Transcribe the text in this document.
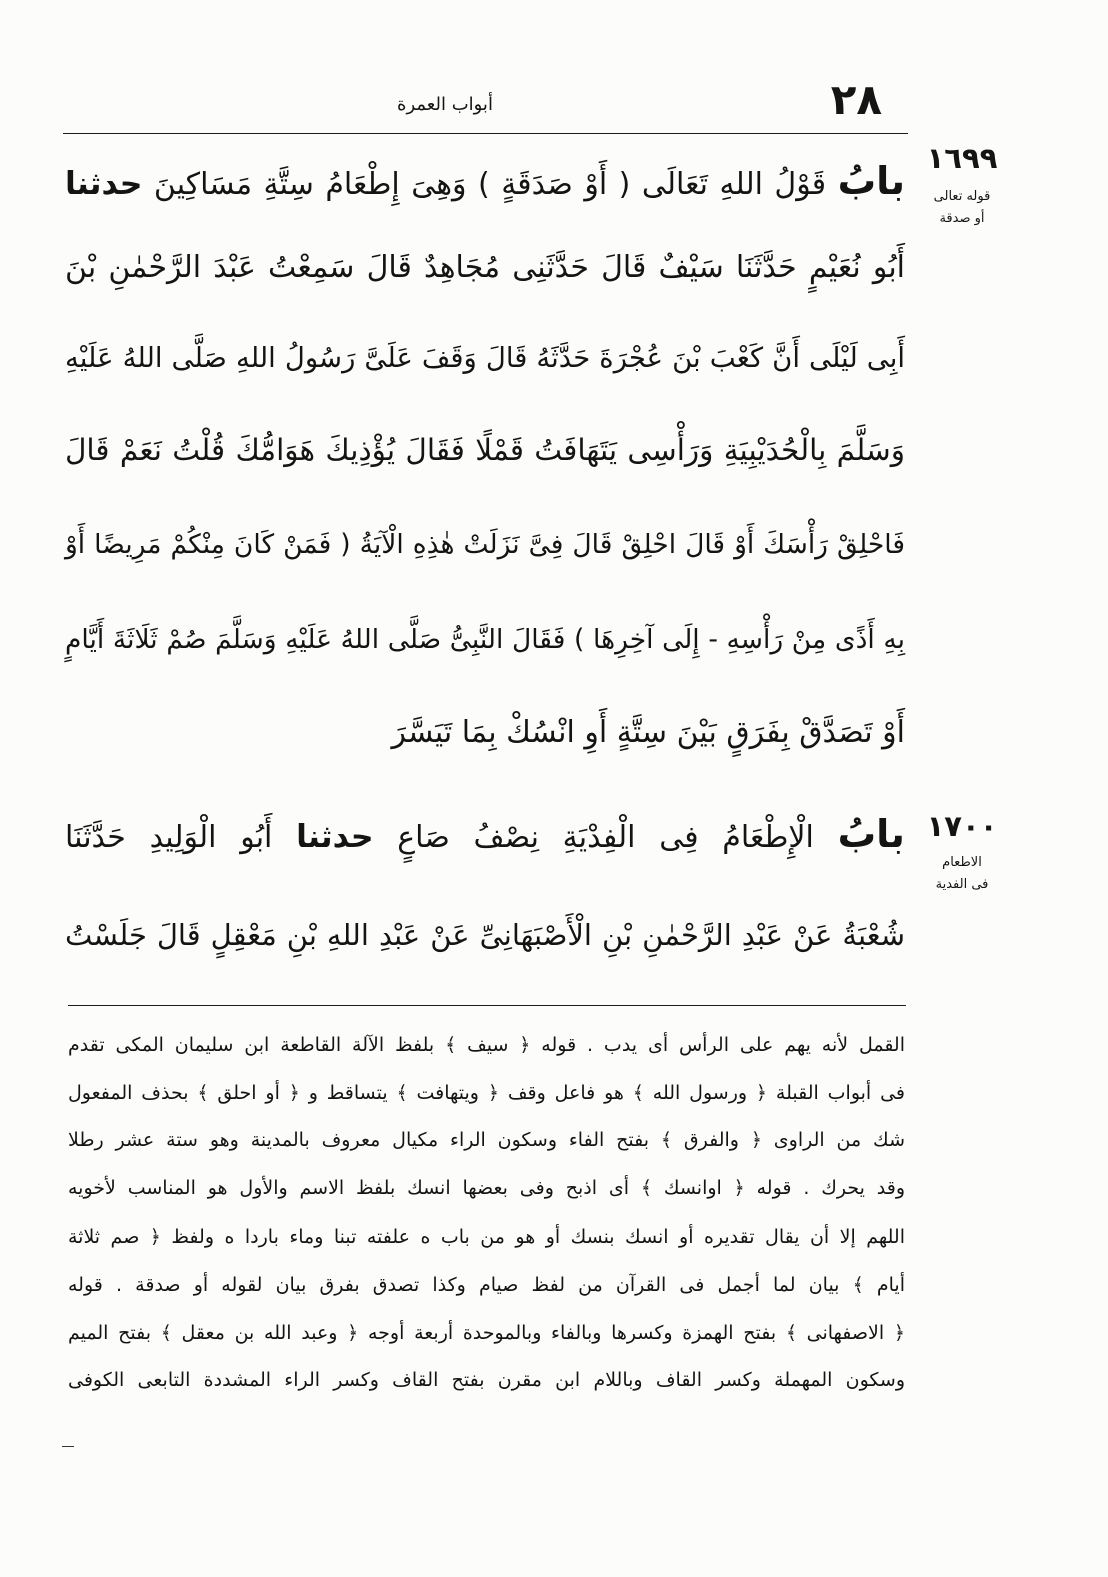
٢٨
أبواب العمرة
١٦٩٩
قوله تعالى
أو صدقة
١٧٠٠
الاطعام
فى الفدية
بابُ قَوْلُ اللهِ تَعَالَى ( أَوْ صَدَقَةٍ ) وَهِىَ إِطْعَامُ سِتَّةِ مَسَاكِينَ حدثنا
أَبُو نُعَيْمٍ حَدَّثَنَا سَيْفٌ قَالَ حَدَّثَنِى مُجَاهِدٌ قَالَ سَمِعْتُ عَبْدَ الرَّحْمٰنِ بْنَ
أَبِى لَيْلَى أَنَّ كَعْبَ بْنَ عُجْرَةَ حَدَّثَهُ قَالَ وَقَفَ عَلَىَّ رَسُولُ اللهِ صَلَّى اللهُ عَلَيْهِ
وَسَلَّمَ بِالْحُدَيْبِيَةِ وَرَأْسِى يَتَهَافَتُ قَمْلًا فَقَالَ يُؤْذِيكَ هَوَامُّكَ قُلْتُ نَعَمْ قَالَ
فَاحْلِقْ رَأْسَكَ أَوْ قَالَ احْلِقْ قَالَ فِىَّ نَزَلَتْ هٰذِهِ الْآيَةُ ( فَمَنْ كَانَ مِنْكُمْ مَرِيضًا أَوْ
بِهِ أَذًى مِنْ رَأْسِهِ - إِلَى آخِرِهَا ) فَقَالَ النَّبِىُّ صَلَّى اللهُ عَلَيْهِ وَسَلَّمَ صُمْ ثَلَاثَةَ أَيَّامٍ
أَوْ تَصَدَّقْ بِفَرَقٍ بَيْنَ سِتَّةٍ أَوِ انْسُكْ بِمَا تَيَسَّرَ
بابُ الْإِطْعَامُ فِى الْفِدْيَةِ نِصْفُ صَاعٍ حدثنا أَبُو الْوَلِيدِ حَدَّثَنَا
شُعْبَةُ عَنْ عَبْدِ الرَّحْمٰنِ بْنِ الْأَصْبَهَانِىِّ عَنْ عَبْدِ اللهِ بْنِ مَعْقِلٍ قَالَ جَلَسْتُ
القمل لأنه يهم على الرأس أى يدب . قوله ﴿ سيف ﴾ بلفظ الآلة القاطعة ابن سليمان المكى تقدم
فى أبواب القبلة ﴿ ورسول الله ﴾ هو فاعل وقف ﴿ ويتهافت ﴾ يتساقط و ﴿ أو احلق ﴾ بحذف المفعول
شك من الراوى ﴿ والفرق ﴾ بفتح الفاء وسكون الراء مكيال معروف بالمدينة وهو ستة عشر رطلا
وقد يحرك . قوله ﴿ اوانسك ﴾ أى اذبح وفى بعضها انسك بلفظ الاسم والأول هو المناسب لأخويه
اللهم إلا أن يقال تقديره أو انسك بنسك أو هو من باب ه علفته تبنا وماء باردا ه ولفظ ﴿ صم ثلاثة
أيام ﴾ بيان لما أجمل فى القرآن من لفظ صيام وكذا تصدق بفرق بيان لقوله أو صدقة . قوله
﴿ الاصفهانى ﴾ بفتح الهمزة وكسرها وبالفاء وبالموحدة أربعة أوجه ﴿ وعبد الله بن معقل ﴾ بفتح الميم
وسكون المهملة وكسر القاف وباللام ابن مقرن بفتح القاف وكسر الراء المشددة التابعى الكوفى
